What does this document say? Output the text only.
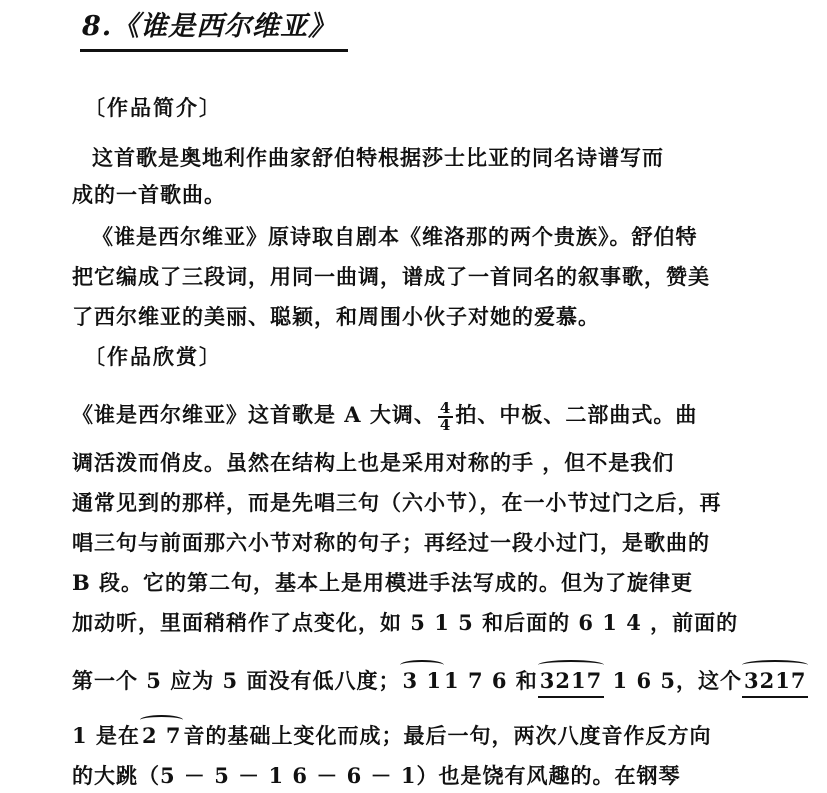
8.《谁是西尔维亚》
〔作品简介〕
这首歌是奥地利作曲家舒伯特根据莎士比亚的同名诗谱写而
成的一首歌曲。
《谁是西尔维亚》原诗取自剧本《维洛那的两个贵族》。舒伯特
把它编成了三段词，用同一曲调，谱成了一首同名的叙事歌，赞美
了西尔维亚的美丽、聪颖，和周围小伙子对她的爱慕。
〔作品欣赏〕
《谁是西尔维亚》这首歌是 A 大调、 $\frac{4}{4}$ 拍、中板、二部曲式。曲
调活泼而俏皮。虽然在结构上也是采用对称的手 ，但不是我们
通常见到的那样，而是先唱三句（六小节），在一小节过门之后，再
唱三句与前面那六小节对称的句子；再经过一段小过门，是歌曲的
B 段。它的第二句，基本上是用模进手法写成的。但为了旋律更
加动听，里面稍稍作了点变化，如 5 1 5 和后面的 6 1 4 ，前面的
第一个 5 应为 5 面没有低八度；3 11 7 6 和3217 1 6 5，这个3217
1 是在2 7音的基础上变化而成；最后一句，两次八度音作反方向
的大跳（5 － 5 － 1 6 － 6 － 1）也是饶有风趣的。在钢琴
